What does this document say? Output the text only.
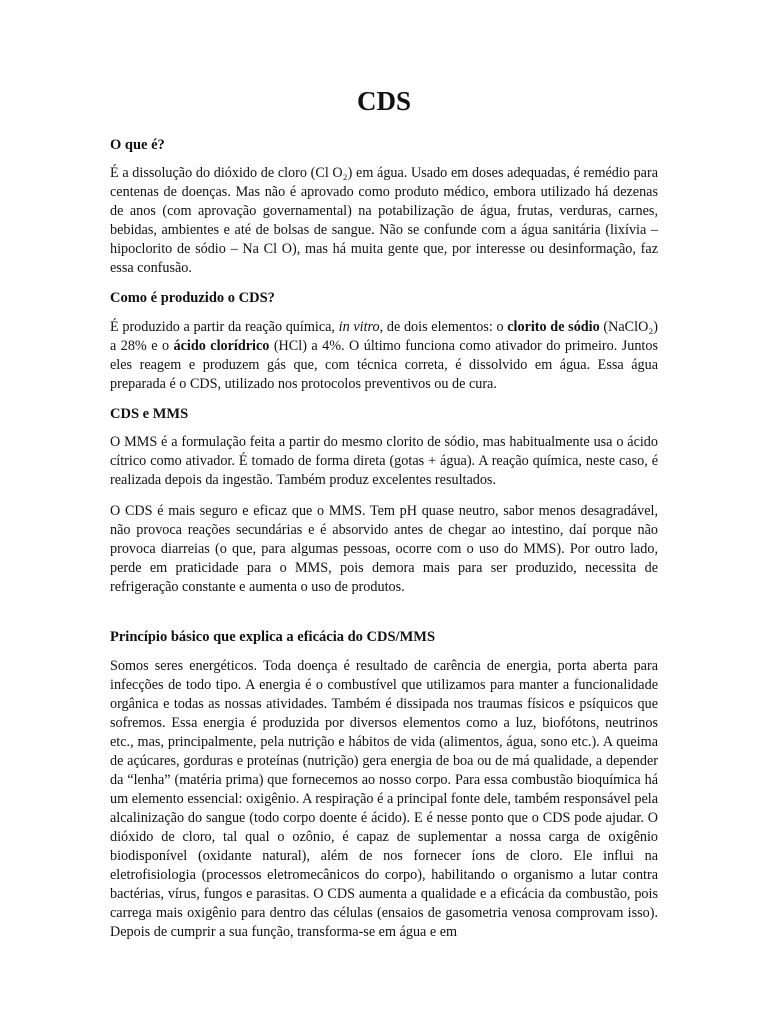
CDS
O que é?

É a dissolução do dióxido de cloro (Cl O₂) em água. Usado em doses adequadas, é remédio para centenas de doenças. Mas não é aprovado como produto médico, embora utilizado há dezenas de anos (com aprovação governamental) na potabilização de água, frutas, verduras, carnes, bebidas, ambientes e até de bolsas de sangue. Não se confunde com a água sanitária (lixívia – hipoclorito de sódio – Na Cl O), mas há muita gente que, por interesse ou desinformação, faz essa confusão.

Como é produzido o CDS?

É produzido a partir da reação química, in vitro, de dois elementos: o clorito de sódio (NaClO₂) a 28% e o ácido clorídrico (HCl) a 4%. O último funciona como ativador do primeiro. Juntos eles reagem e produzem gás que, com técnica correta, é dissolvido em água. Essa água preparada é o CDS, utilizado nos protocolos preventivos ou de cura.

CDS e MMS

O MMS é a formulação feita a partir do mesmo clorito de sódio, mas habitualmente usa o ácido cítrico como ativador. É tomado de forma direta (gotas + água). A reação química, neste caso, é realizada depois da ingestão. Também produz excelentes resultados.

O CDS é mais seguro e eficaz que o MMS. Tem pH quase neutro, sabor menos desagradável, não provoca reações secundárias e é absorvido antes de chegar ao intestino, daí porque não provoca diarreias (o que, para algumas pessoas, ocorre com o uso do MMS). Por outro lado, perde em praticidade para o MMS, pois demora mais para ser produzido, necessita de refrigeração constante e aumenta o uso de produtos.

Princípio básico que explica a eficácia do CDS/MMS

Somos seres energéticos. Toda doença é resultado de carência de energia, porta aberta para infecções de todo tipo. A energia é o combustível que utilizamos para manter a funcionalidade orgânica e todas as nossas atividades. Também é dissipada nos traumas físicos e psíquicos que sofremos. Essa energia é produzida por diversos elementos como a luz, biofótons, neutrinos etc., mas, principalmente, pela nutrição e hábitos de vida (alimentos, água, sono etc.). A queima de açúcares, gorduras e proteínas (nutrição) gera energia de boa ou de má qualidade, a depender da “lenha” (matéria prima) que fornecemos ao nosso corpo. Para essa combustão bioquímica há um elemento essencial: oxigênio. A respiração é a principal fonte dele, também responsável pela alcalinização do sangue (todo corpo doente é ácido). E é nesse ponto que o CDS pode ajudar. O dióxido de cloro, tal qual o ozônio, é capaz de suplementar a nossa carga de oxigênio biodisponível (oxidante natural), além de nos fornecer íons de cloro. Ele influi na eletrofisiologia (processos eletromecânicos do corpo), habilitando o organismo a lutar contra bactérias, vírus, fungos e parasitas. O CDS aumenta a qualidade e a eficácia da combustão, pois carrega mais oxigênio para dentro das células (ensaios de gasometria venosa comprovam isso). Depois de cumprir a sua função, transforma-se em água e em
